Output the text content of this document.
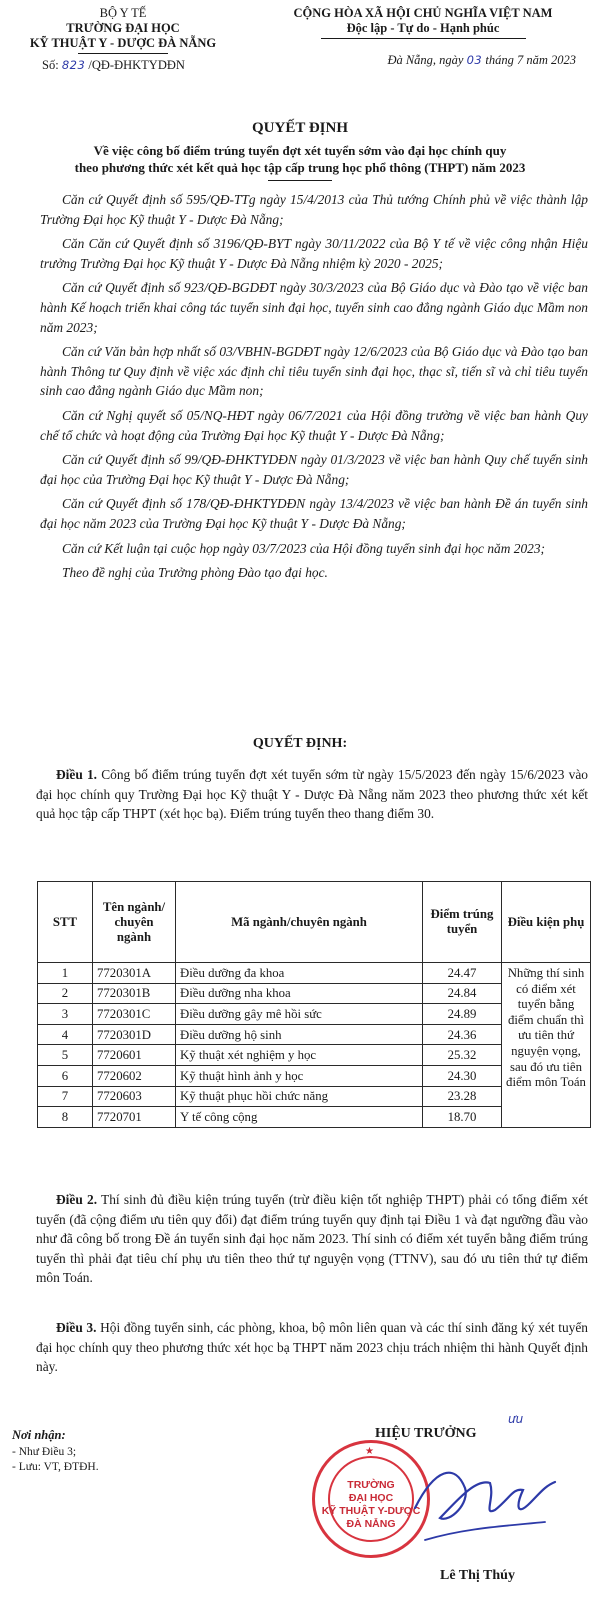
BỘ Y TẾ
TRƯỜNG ĐẠI HỌC
KỸ THUẬT Y - DƯỢC ĐÀ NẴNG
Số: 823 /QĐ-ĐHKTYDĐN
CỘNG HÒA XÃ HỘI CHỦ NGHĨA VIỆT NAM
Độc lập - Tự do - Hạnh phúc
Đà Nẵng, ngày 03 tháng 7 năm 2023
QUYẾT ĐỊNH
Về việc công bố điểm trúng tuyển đợt xét tuyển sớm vào đại học chính quy
theo phương thức xét kết quả học tập cấp trung học phổ thông (THPT) năm 2023

Căn cứ Quyết định số 595/QĐ-TTg ngày 15/4/2013 của Thủ tướng Chính phủ về việc thành lập Trường Đại học Kỹ thuật Y - Dược Đà Nẵng;

Căn Căn cứ Quyết định số 3196/QĐ-BYT ngày 30/11/2022 của Bộ Y tế về việc công nhận Hiệu trưởng Trường Đại học Kỹ thuật Y - Dược Đà Nẵng nhiệm kỳ 2020 - 2025;

Căn cứ Quyết định số 923/QĐ-BGDĐT ngày 30/3/2023 của Bộ Giáo dục và Đào tạo về việc ban hành Kế hoạch triển khai công tác tuyển sinh đại học, tuyển sinh cao đẳng ngành Giáo dục Mầm non năm 2023;

Căn cứ Văn bản hợp nhất số 03/VBHN-BGDĐT ngày 12/6/2023 của Bộ Giáo dục và Đào tạo ban hành Thông tư Quy định về việc xác định chỉ tiêu tuyển sinh đại học, thạc sĩ, tiến sĩ và chỉ tiêu tuyển sinh cao đẳng ngành Giáo dục Mầm non;

Căn cứ Nghị quyết số 05/NQ-HĐT ngày 06/7/2021 của Hội đồng trường về việc ban hành Quy chế tổ chức và hoạt động của Trường Đại học Kỹ thuật Y - Dược Đà Nẵng;

Căn cứ Quyết định số 99/QĐ-ĐHKTYDĐN ngày 01/3/2023 về việc ban hành Quy chế tuyển sinh đại học của Trường Đại học Kỹ thuật Y - Dược Đà Nẵng;

Căn cứ Quyết định số 178/QĐ-ĐHKTYDĐN ngày 13/4/2023 về việc ban hành Đề án tuyển sinh đại học năm 2023 của Trường Đại học Kỹ thuật Y - Dược Đà Nẵng;

Căn cứ Kết luận tại cuộc họp ngày 03/7/2023 của Hội đồng tuyển sinh đại học năm 2023;

Theo đề nghị của Trưởng phòng Đào tạo đại học.

QUYẾT ĐỊNH:
Điều 1. Công bố điểm trúng tuyển đợt xét tuyển sớm từ ngày 15/5/2023 đến ngày 15/6/2023 vào đại học chính quy Trường Đại học Kỹ thuật Y - Dược Đà Nẵng năm 2023 theo phương thức xét kết quả học tập cấp THPT (xét học bạ). Điểm trúng tuyển theo thang điểm 30.
STT	Tên ngành/ chuyên ngành	Mã ngành/chuyên ngành	Điểm trúng tuyển	Điều kiện phụ
1	7720301A	Điều dưỡng đa khoa	24.47	Những thí sinh có điểm xét tuyển bằng điểm chuẩn thì ưu tiên thứ nguyện vọng, sau đó ưu tiên điểm môn Toán
2	7720301B	Điều dưỡng nha khoa	24.84	
3	7720301C	Điều dưỡng gây mê hồi sức	24.89	
4	7720301D	Điều dưỡng hộ sinh	24.36	
5	7720601	Kỹ thuật xét nghiệm y học	25.32	
6	7720602	Kỹ thuật hình ảnh y học	24.30	
7	7720603	Kỹ thuật phục hồi chức năng	23.28	
8	7720701	Y tế công cộng	18.70	
Điều 2. Thí sinh đủ điều kiện trúng tuyển (trừ điều kiện tốt nghiệp THPT) phải có tổng điểm xét tuyển (đã cộng điểm ưu tiên quy đổi) đạt điểm trúng tuyển quy định tại Điều 1 và đạt ngưỡng đầu vào như đã công bố trong Đề án tuyển sinh đại học năm 2023. Thí sinh có điểm xét tuyển bằng điểm trúng tuyển thì phải đạt tiêu chí phụ ưu tiên theo thứ tự nguyện vọng (TTNV), sau đó ưu tiên thứ tự điểm môn Toán.
Điều 3. Hội đồng tuyển sinh, các phòng, khoa, bộ môn liên quan và các thí sinh đăng ký xét tuyển đại học chính quy theo phương thức xét học bạ THPT năm 2023 chịu trách nhiệm thi hành Quyết định này.
Nơi nhận:
- Như Điều 3;
- Lưu: VT, ĐTĐH.
ưu
HIỆU TRƯỞNG
★
TRƯỜNG
ĐẠI HỌC
KỸ THUẬT Y-DƯỢC
ĐÀ NẴNG
Lê Thị Thúy
